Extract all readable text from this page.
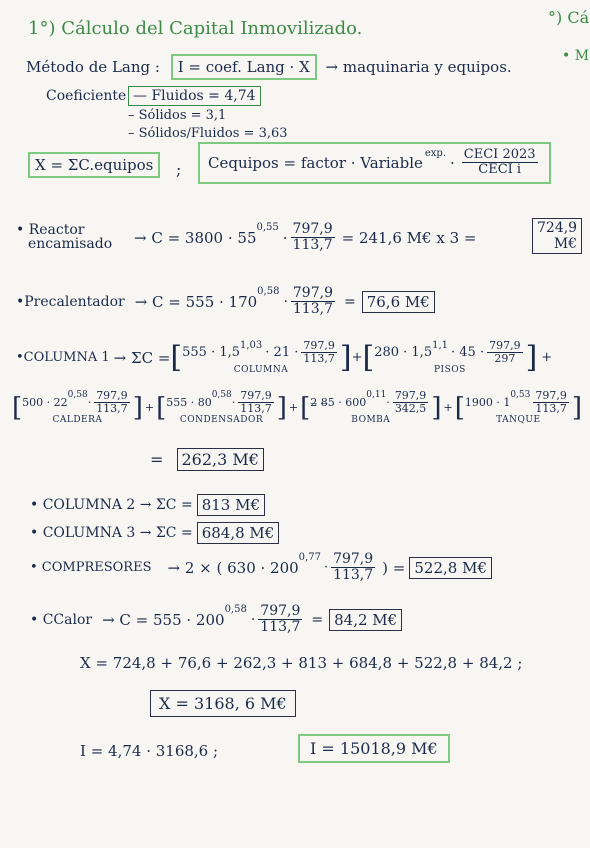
1°) Cálculo del Capital Inmovilizado.
°) Cá
• M
Método de Lang : I = coef. Lang · X → maquinaria y equipos.
Coeficiente — Fluidos = 4,74
– Sólidos = 3,1
– Sólidos/Fluidos = 3,63
X = ΣC.equipos	; Cequipos = factor · Variable
$^{exp.}$
· $\frac{\text{CECI 2023}}{\text{CECI i}}$
• Reactor
encamisado → C = 3800 · 55
$^{0,55}$
· $\frac{797,9}{113,7} = 241,6$ M€ x 3 =
724,9
M€
• Precalentador → C = 555 · 170
$^{0,58}$
· $\frac{797,9}{113,7} = 76,6$ M€
• COLUMNA 1 → ΣC = [ $555 \cdot 1,5^{1,03} \cdot 21 \cdot \frac{797,9}{113,7}$
COLUMNA ] + [ $280 \cdot 1,5^{1,1} \cdot 45 \cdot \frac{797,9}{297}$
PISOS ] +
[ 500 · 22
$^{0,58}$
· $\frac{797,9}{113,7}$
CALDERA ] + [ 555 · 80
$^{0,58}$
· $\frac{797,9}{113,7}$
CONDENSADOR ] + [ 2̶ 8̶5 · 600
$^{0,11}$
· $\frac{797,9}{342,5}$
BOMBA ] + [ 1900 · 1
$^{0,53} \frac{797,9}{113,7}$
TANQUE ]
= 262,3 M€
• COLUMNA 2 → ΣC = 813 M€
• COLUMNA 3 → ΣC = 684,8 M€
• COMPRESORES → 2 × ( 630 · 200
$^{0,77}$
· $\frac{797,9}{113,7}$ ) = 522,8 M€
• CCalor → C = 555 · 200
$^{0,58}$
· $\frac{797,9}{113,7} = 84,2$ M€
X = 724,8 + 76,6 + 262,3 + 813 + 684,8 + 522,8 + 84,2 ;
X = 3168, 6 M€
I = 4,74 · 3168,6 ;	I = 15018,9 M€
